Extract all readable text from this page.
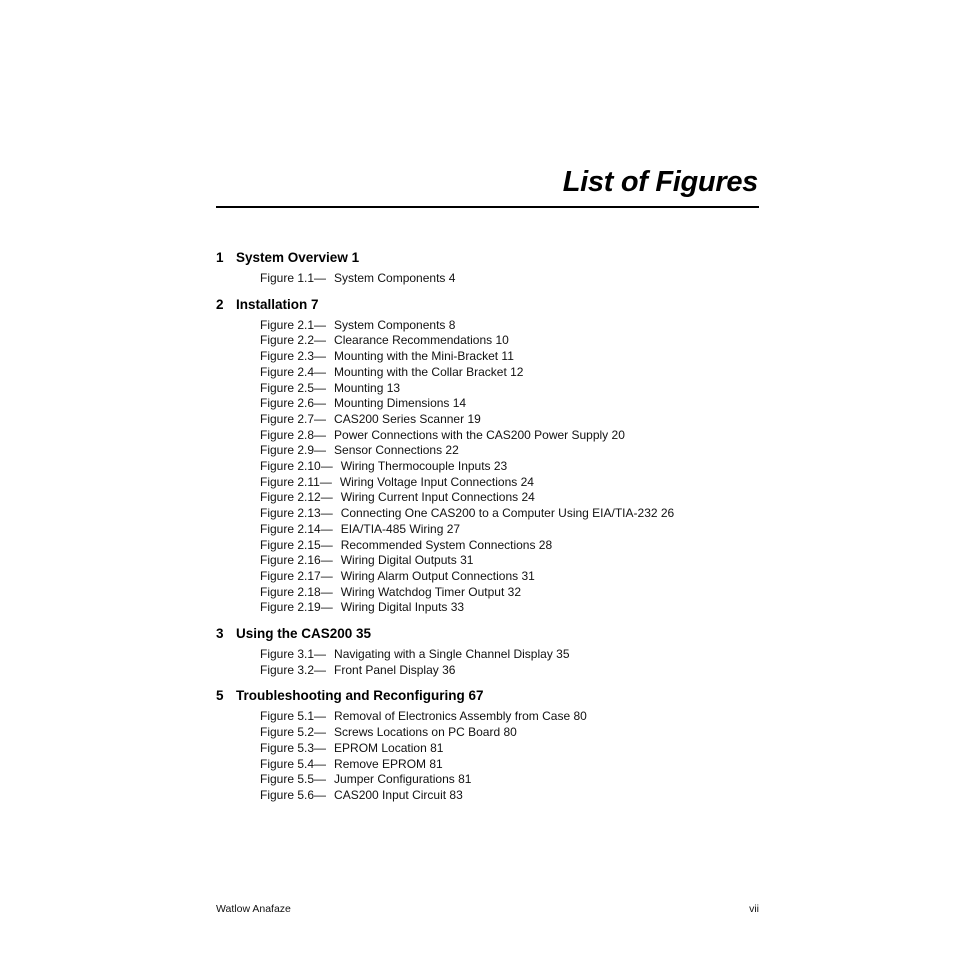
List of Figures
1 System Overview 1
Figure 1.1— System Components 4
2 Installation 7
Figure 2.1— System Components 8
Figure 2.2— Clearance Recommendations 10
Figure 2.3— Mounting with the Mini-Bracket 11
Figure 2.4— Mounting with the Collar Bracket 12
Figure 2.5— Mounting 13
Figure 2.6— Mounting Dimensions 14
Figure 2.7— CAS200 Series Scanner 19
Figure 2.8— Power Connections with the CAS200 Power Supply 20
Figure 2.9— Sensor Connections 22
Figure 2.10— Wiring Thermocouple Inputs 23
Figure 2.11— Wiring Voltage Input Connections 24
Figure 2.12— Wiring Current Input Connections 24
Figure 2.13— Connecting One CAS200 to a Computer Using EIA/TIA-232 26
Figure 2.14— EIA/TIA-485 Wiring 27
Figure 2.15— Recommended System Connections 28
Figure 2.16— Wiring Digital Outputs 31
Figure 2.17— Wiring Alarm Output Connections 31
Figure 2.18— Wiring Watchdog Timer Output 32
Figure 2.19— Wiring Digital Inputs 33
3 Using the CAS200 35
Figure 3.1— Navigating with a Single Channel Display 35
Figure 3.2— Front Panel Display 36
5 Troubleshooting and Reconfiguring 67
Figure 5.1— Removal of Electronics Assembly from Case 80
Figure 5.2— Screws Locations on PC Board 80
Figure 5.3— EPROM Location 81
Figure 5.4— Remove EPROM 81
Figure 5.5— Jumper Configurations 81
Figure 5.6— CAS200 Input Circuit 83
Watlow Anafaze	vii
